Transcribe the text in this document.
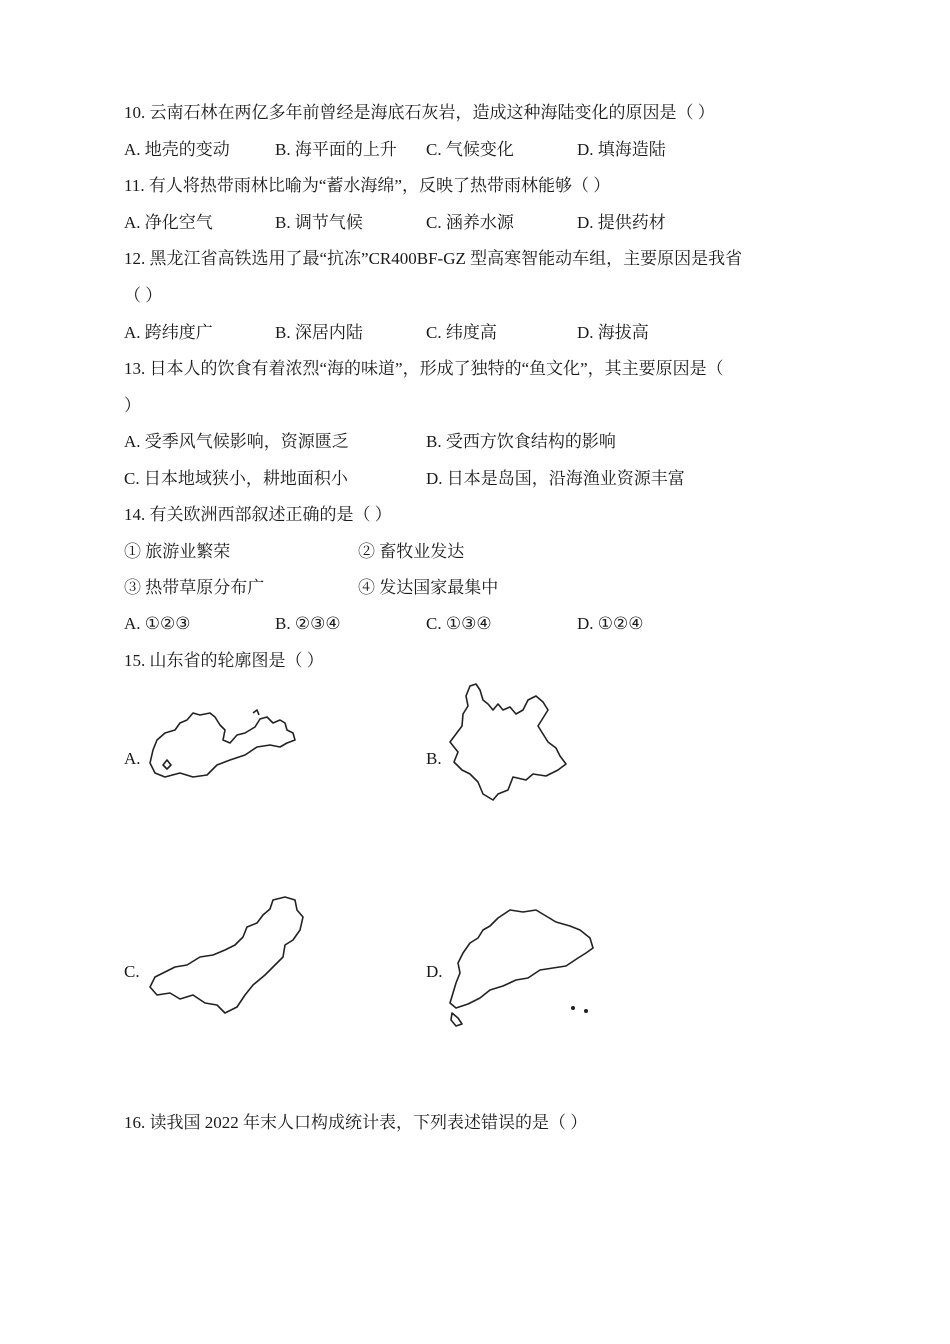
10. 云南石林在两亿多年前曾经是海底石灰岩，造成这种海陆变化的原因是（ ）
A. 地壳的变动	B. 海平面的上升 C. 气候变化	D. 填海造陆
11. 有人将热带雨林比喻为“蓄水海绵”，反映了热带雨林能够（ ）
A. 净化空气	B. 调节气候	C. 涵养水源	D. 提供药材
12. 黑龙江省高铁选用了最“抗冻”CR400BF-GZ 型高寒智能动车组，主要原因是我省
（ ）
A. 跨纬度广	B. 深居内陆	C. 纬度高	D. 海拔高
13. 日本人的饮食有着浓烈“海的味道”，形成了独特的“鱼文化”，其主要原因是（
）
A. 受季风气候影响，资源匮乏	B. 受西方饮食结构的影响
C. 日本地域狭小，耕地面积小	D. 日本是岛国，沿海渔业资源丰富
14. 有关欧洲西部叙述正确的是（ ）
① 旅游业繁荣	② 畜牧业发达
③ 热带草原分布广	④ 发达国家最集中
A. ①②③	B. ②③④	C. ①③④	D. ①②④
15. 山东省的轮廓图是（ ）
A.	B.
C.	D.
16. 读我国 2022 年末人口构成统计表，下列表述错误的是（ ）
